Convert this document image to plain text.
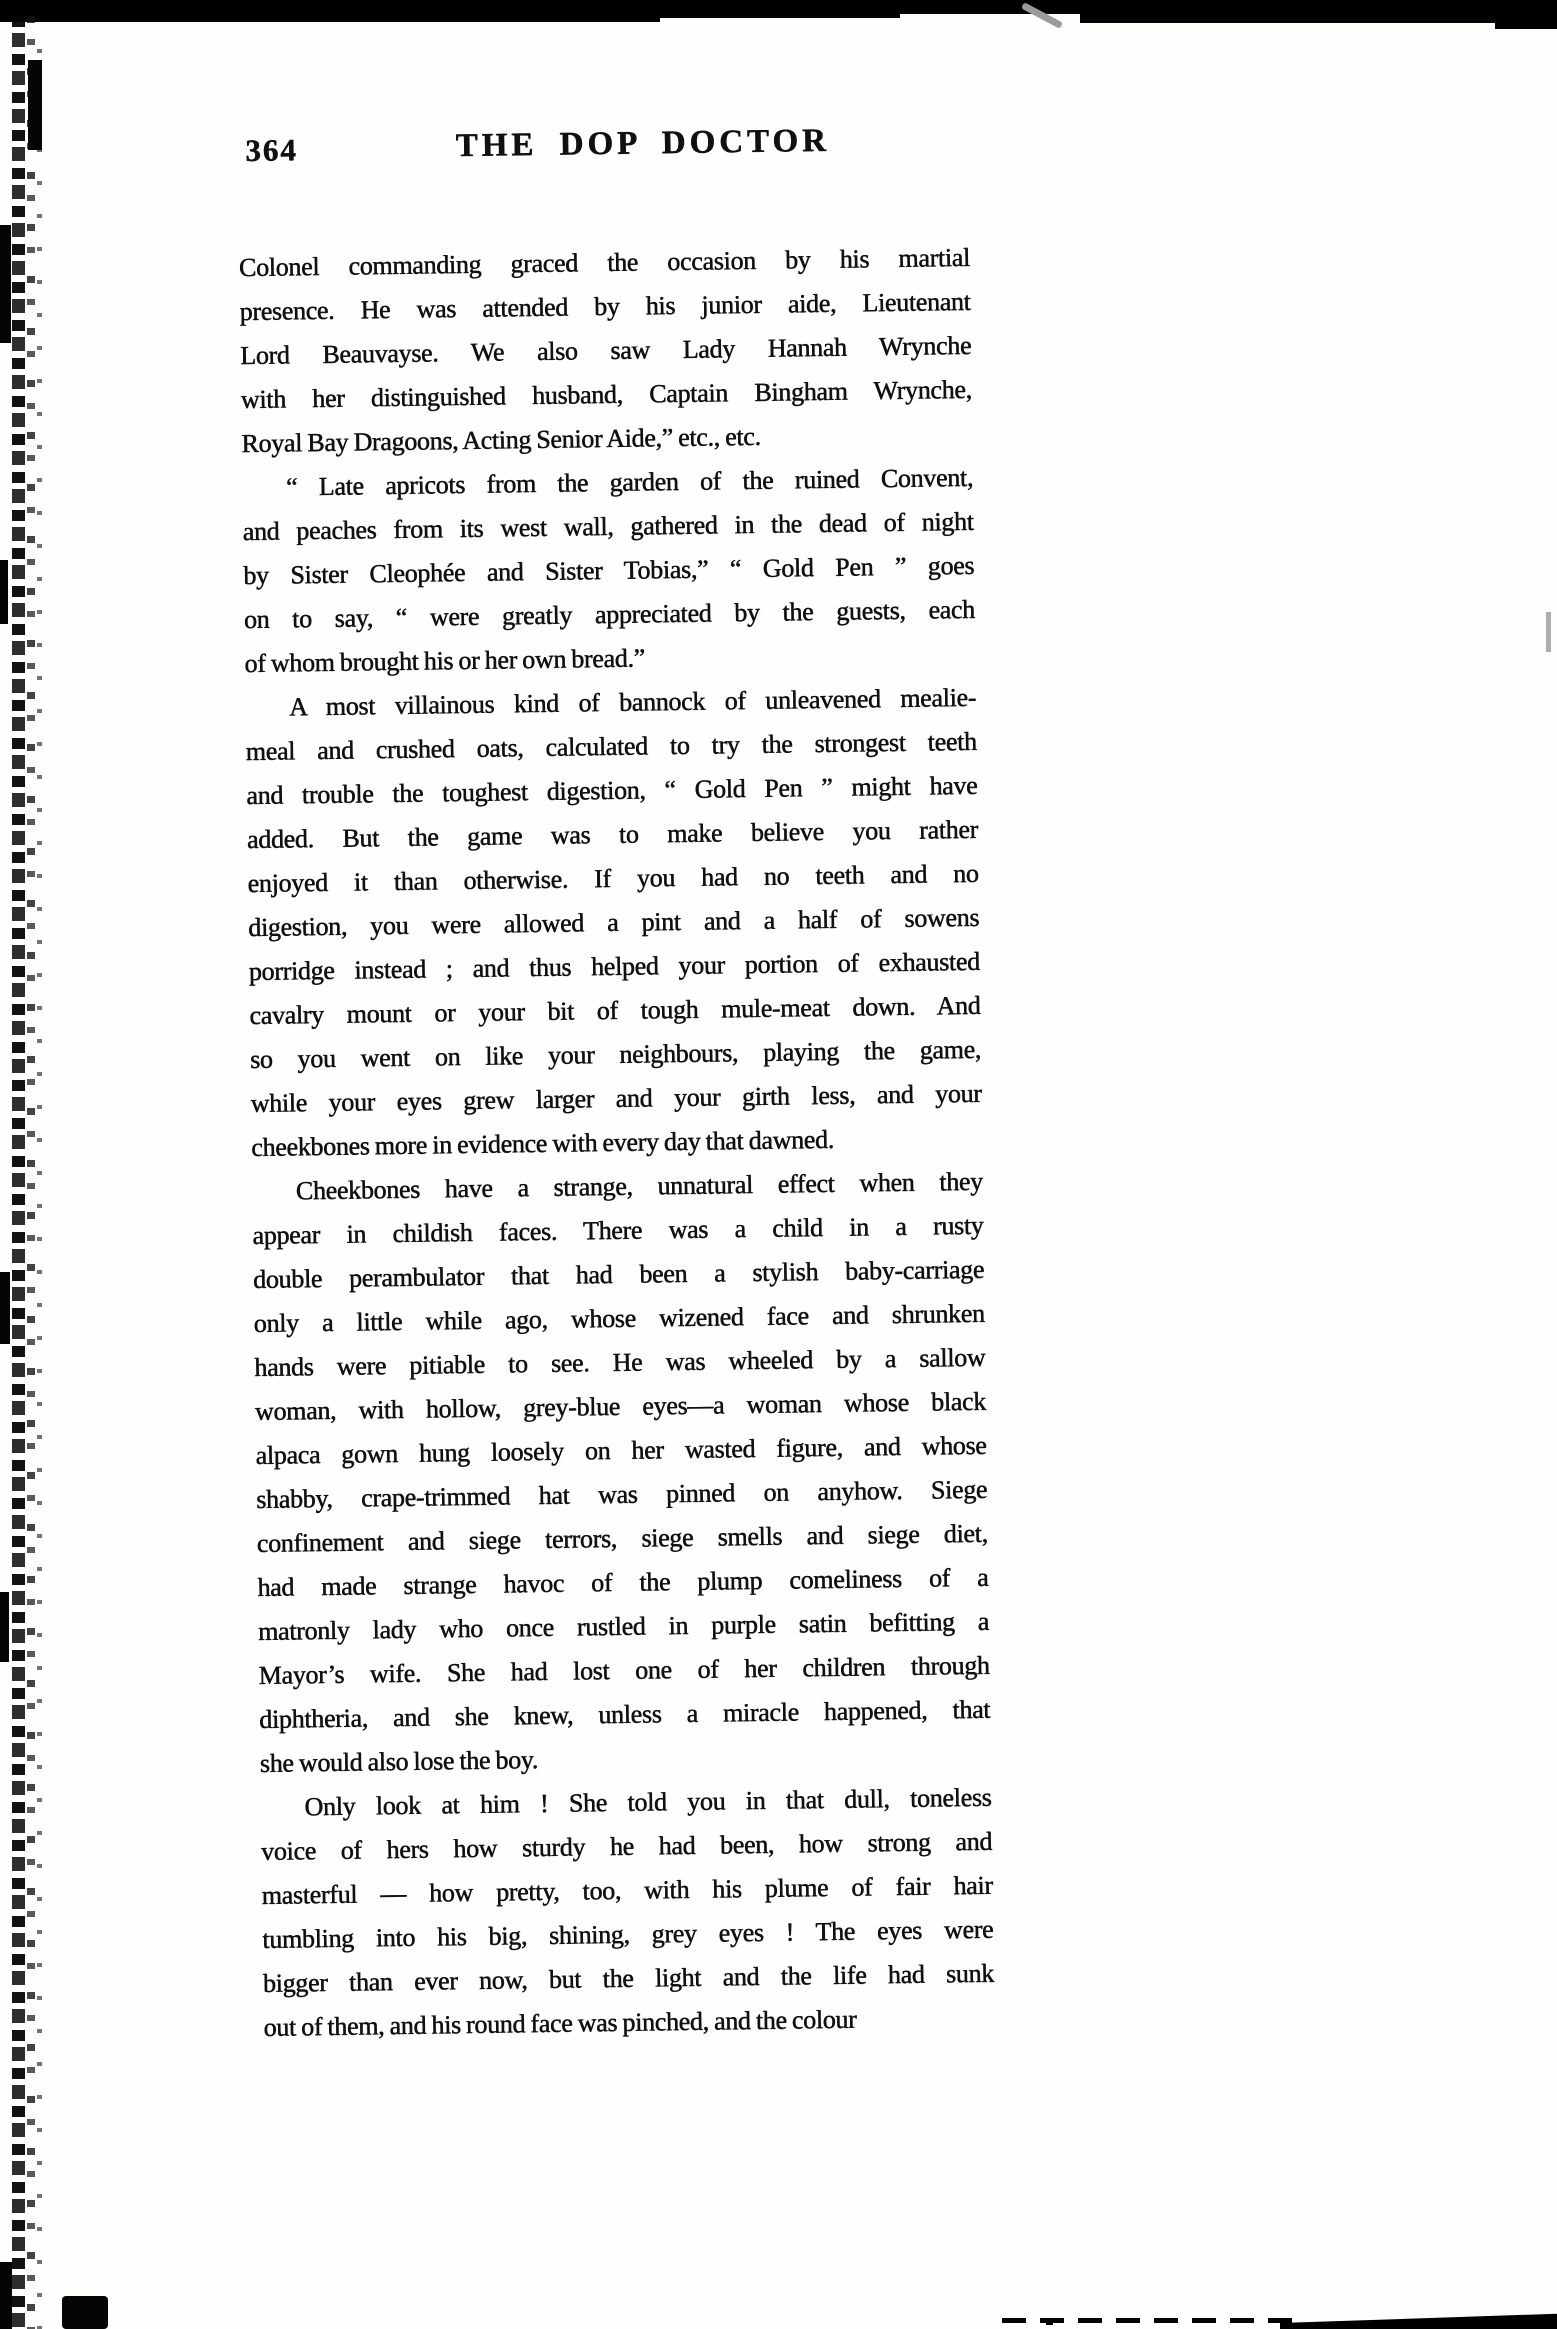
364	THE DOP DOCTOR
Colonel commanding graced the occasion by his martial
presence. He was attended by his junior aide, Lieutenant
Lord Beauvayse. We also saw Lady Hannah Wrynche
with her distinguished husband, Captain Bingham Wrynche,
Royal Bay Dragoons, Acting Senior Aide,” etc., etc.
“ Late apricots from the garden of the ruined Convent,
and peaches from its west wall, gathered in the dead of night
by Sister Cleophée and Sister Tobias,” “ Gold Pen ” goes
on to say, “ were greatly appreciated by the guests, each
of whom brought his or her own bread.”
A most villainous kind of bannock of unleavened mealie-
meal and crushed oats, calculated to try the strongest teeth
and trouble the toughest digestion, “ Gold Pen ” might have
added. But the game was to make believe you rather
enjoyed it than otherwise. If you had no teeth and no
digestion, you were allowed a pint and a half of sowens
porridge instead ; and thus helped your portion of exhausted
cavalry mount or your bit of tough mule-meat down. And
so you went on like your neighbours, playing the game,
while your eyes grew larger and your girth less, and your
cheekbones more in evidence with every day that dawned.
Cheekbones have a strange, unnatural effect when they
appear in childish faces. There was a child in a rusty
double perambulator that had been a stylish baby-carriage
only a little while ago, whose wizened face and shrunken
hands were pitiable to see. He was wheeled by a sallow
woman, with hollow, grey-blue eyes—a woman whose black
alpaca gown hung loosely on her wasted figure, and whose
shabby, crape-trimmed hat was pinned on anyhow. Siege
confinement and siege terrors, siege smells and siege diet,
had made strange havoc of the plump comeliness of a
matronly lady who once rustled in purple satin befitting a
Mayor’s wife. She had lost one of her children through
diphtheria, and she knew, unless a miracle happened, that
she would also lose the boy.
Only look at him ! She told you in that dull, toneless
voice of hers how sturdy he had been, how strong and
masterful — how pretty, too, with his plume of fair hair
tumbling into his big, shining, grey eyes ! The eyes were
bigger than ever now, but the light and the life had sunk
out of them, and his round face was pinched, and the colour
